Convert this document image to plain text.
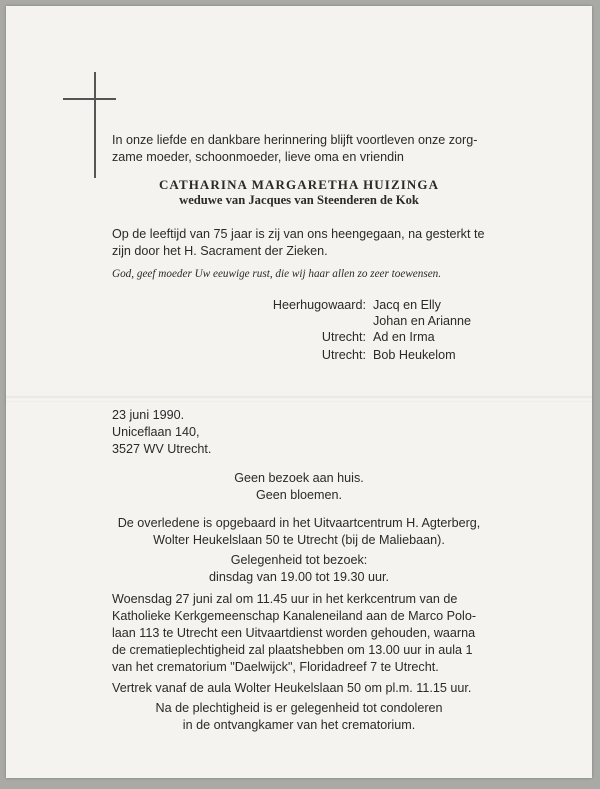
In onze liefde en dankbare herinnering blijft voortleven onze zorg-
zame moeder, schoonmoeder, lieve oma en vriendin
CATHARINA MARGARETHA HUIZINGA
weduwe van Jacques van Steenderen de Kok
Op de leeftijd van 75 jaar is zij van ons heengegaan, na gesterkt te
zijn door het H. Sacrament der Zieken.
God, geef moeder Uw eeuwige rust, die wij haar allen zo zeer toewensen.
Heerhugowaard: Jacq en Elly
Johan en Arianne
Utrecht: Ad en Irma
Utrecht: Bob Heukelom
23 juni 1990.
Uniceflaan 140,
3527 WV Utrecht.
Geen bezoek aan huis.
Geen bloemen.
De overledene is opgebaard in het Uitvaartcentrum H. Agterberg,
Wolter Heukelslaan 50 te Utrecht (bij de Maliebaan).
Gelegenheid tot bezoek:
dinsdag van 19.00 tot 19.30 uur.
Woensdag 27 juni zal om 11.45 uur in het kerkcentrum van de
Katholieke Kerkgemeenschap Kanaleneiland aan de Marco Polo-
laan 113 te Utrecht een Uitvaartdienst worden gehouden, waarna
de crematieplechtigheid zal plaatshebben om 13.00 uur in aula 1
van het crematorium "Daelwijck", Floridadreef 7 te Utrecht.
Vertrek vanaf de aula Wolter Heukelslaan 50 om pl.m. 11.15 uur.
Na de plechtigheid is er gelegenheid tot condoleren
in de ontvangkamer van het crematorium.
